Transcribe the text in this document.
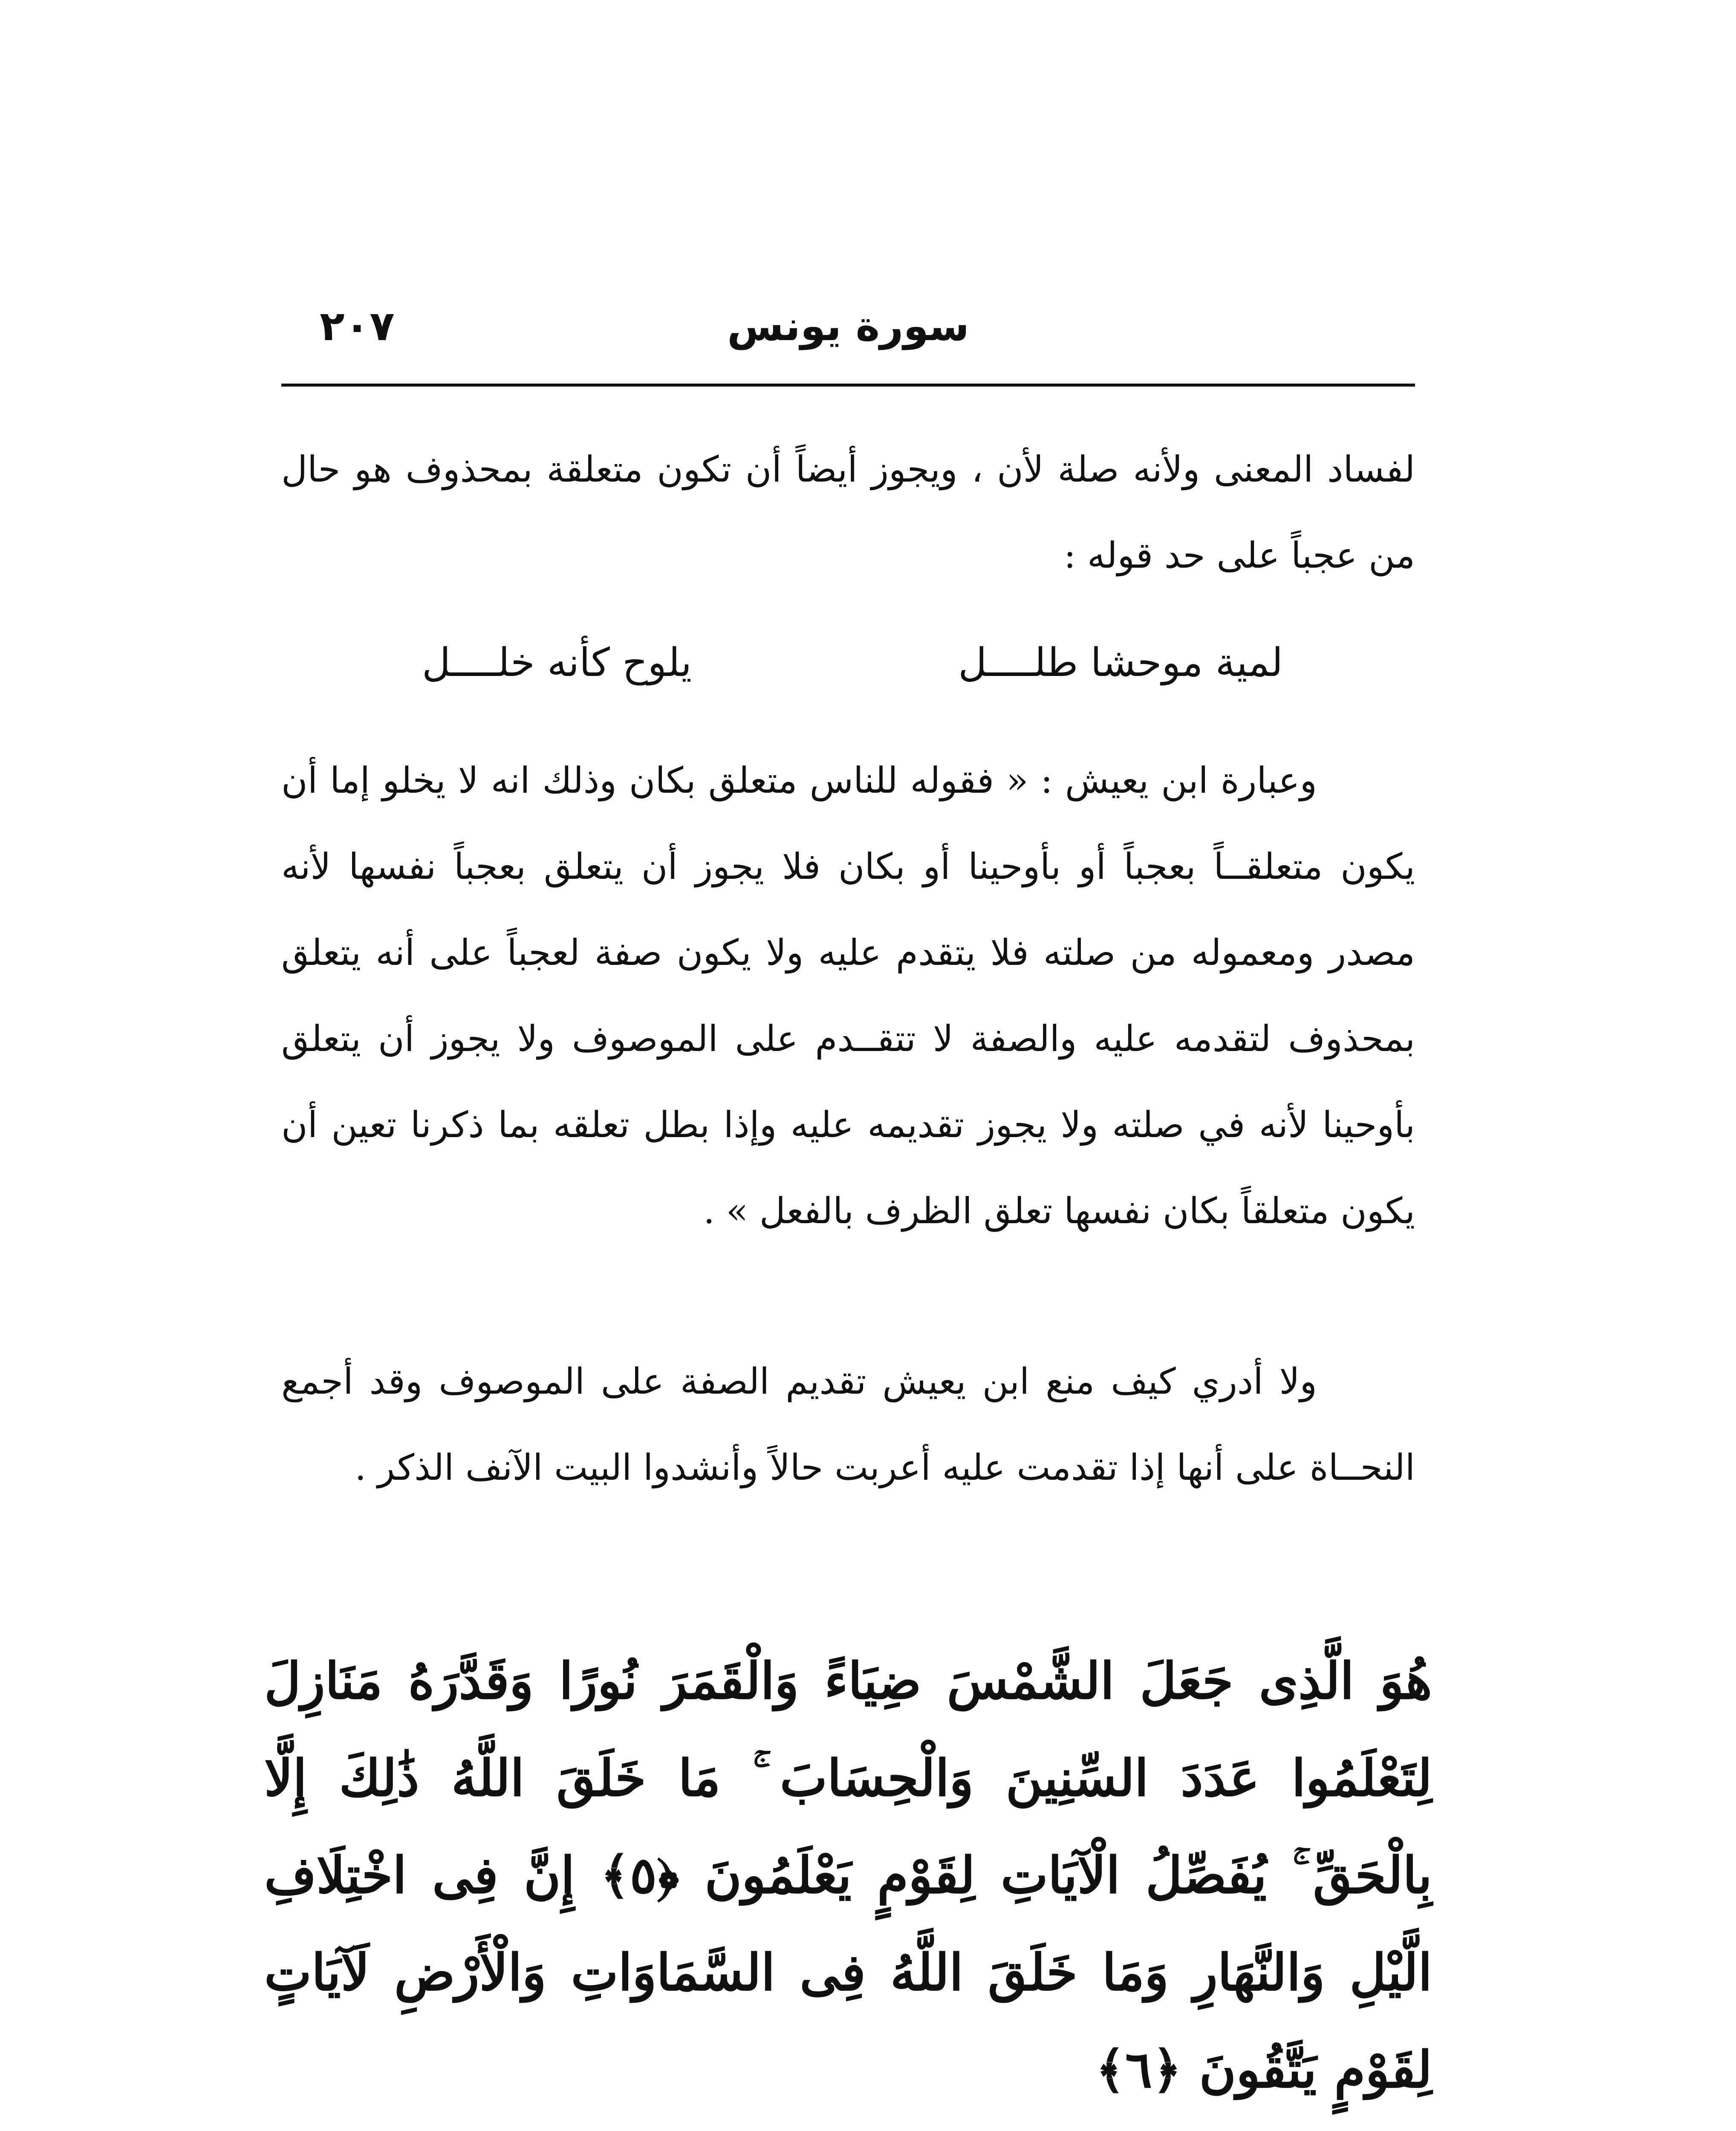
سورة يونس
٢٠٧

لفساد المعنى ولأنه صلة لأن ، ويجوز أيضاً أن تكون متعلقة بمحذوف هو حال من عجباً على حد قوله :

لمية موحشا طلــــل
يلوح كأنه خلــــل

وعبارة ابن يعيش : « فقوله للناس متعلق بكان وذلك انه لا يخلو إما أن يكون متعلقــاً بعجباً أو بأوحينا أو بكان فلا يجوز أن يتعلق بعجباً نفسها لأنه مصدر ومعموله من صلته فلا يتقدم عليه ولا يكون صفة لعجباً على أنه يتعلق بمحذوف لتقدمه عليه والصفة لا تتقــدم على الموصوف ولا يجوز أن يتعلق بأوحينا لأنه في صلته ولا يجوز تقديمه عليه وإذا بطل تعلقه بما ذكرنا تعين أن يكون متعلقاً بكان نفسها تعلق الظرف بالفعل » .

ولا أدري كيف منع ابن يعيش تقديم الصفة على الموصوف وقد أجمع النحــاة على أنها إذا تقدمت عليه أعربت حالاً وأنشدوا البيت الآنف الذكر .

هُوَ الَّذِى جَعَلَ الشَّمْسَ ضِيَاءً وَالْقَمَرَ نُورًا وَقَدَّرَهُ مَنَازِلَ لِتَعْلَمُوا عَدَدَ السِّنِينَ وَالْحِسَابَ ۚ مَا خَلَقَ اللَّهُ ذَٰلِكَ إِلَّا بِالْحَقِّ ۚ يُفَصِّلُ الْآيَاتِ لِقَوْمٍ يَعْلَمُونَ ﴿٥﴾ إِنَّ فِى اخْتِلَافِ الَّيْلِ وَالنَّهَارِ وَمَا خَلَقَ اللَّهُ فِى السَّمَاوَاتِ وَالْأَرْضِ لَآيَاتٍ لِقَوْمٍ يَتَّقُونَ ﴿٦﴾
